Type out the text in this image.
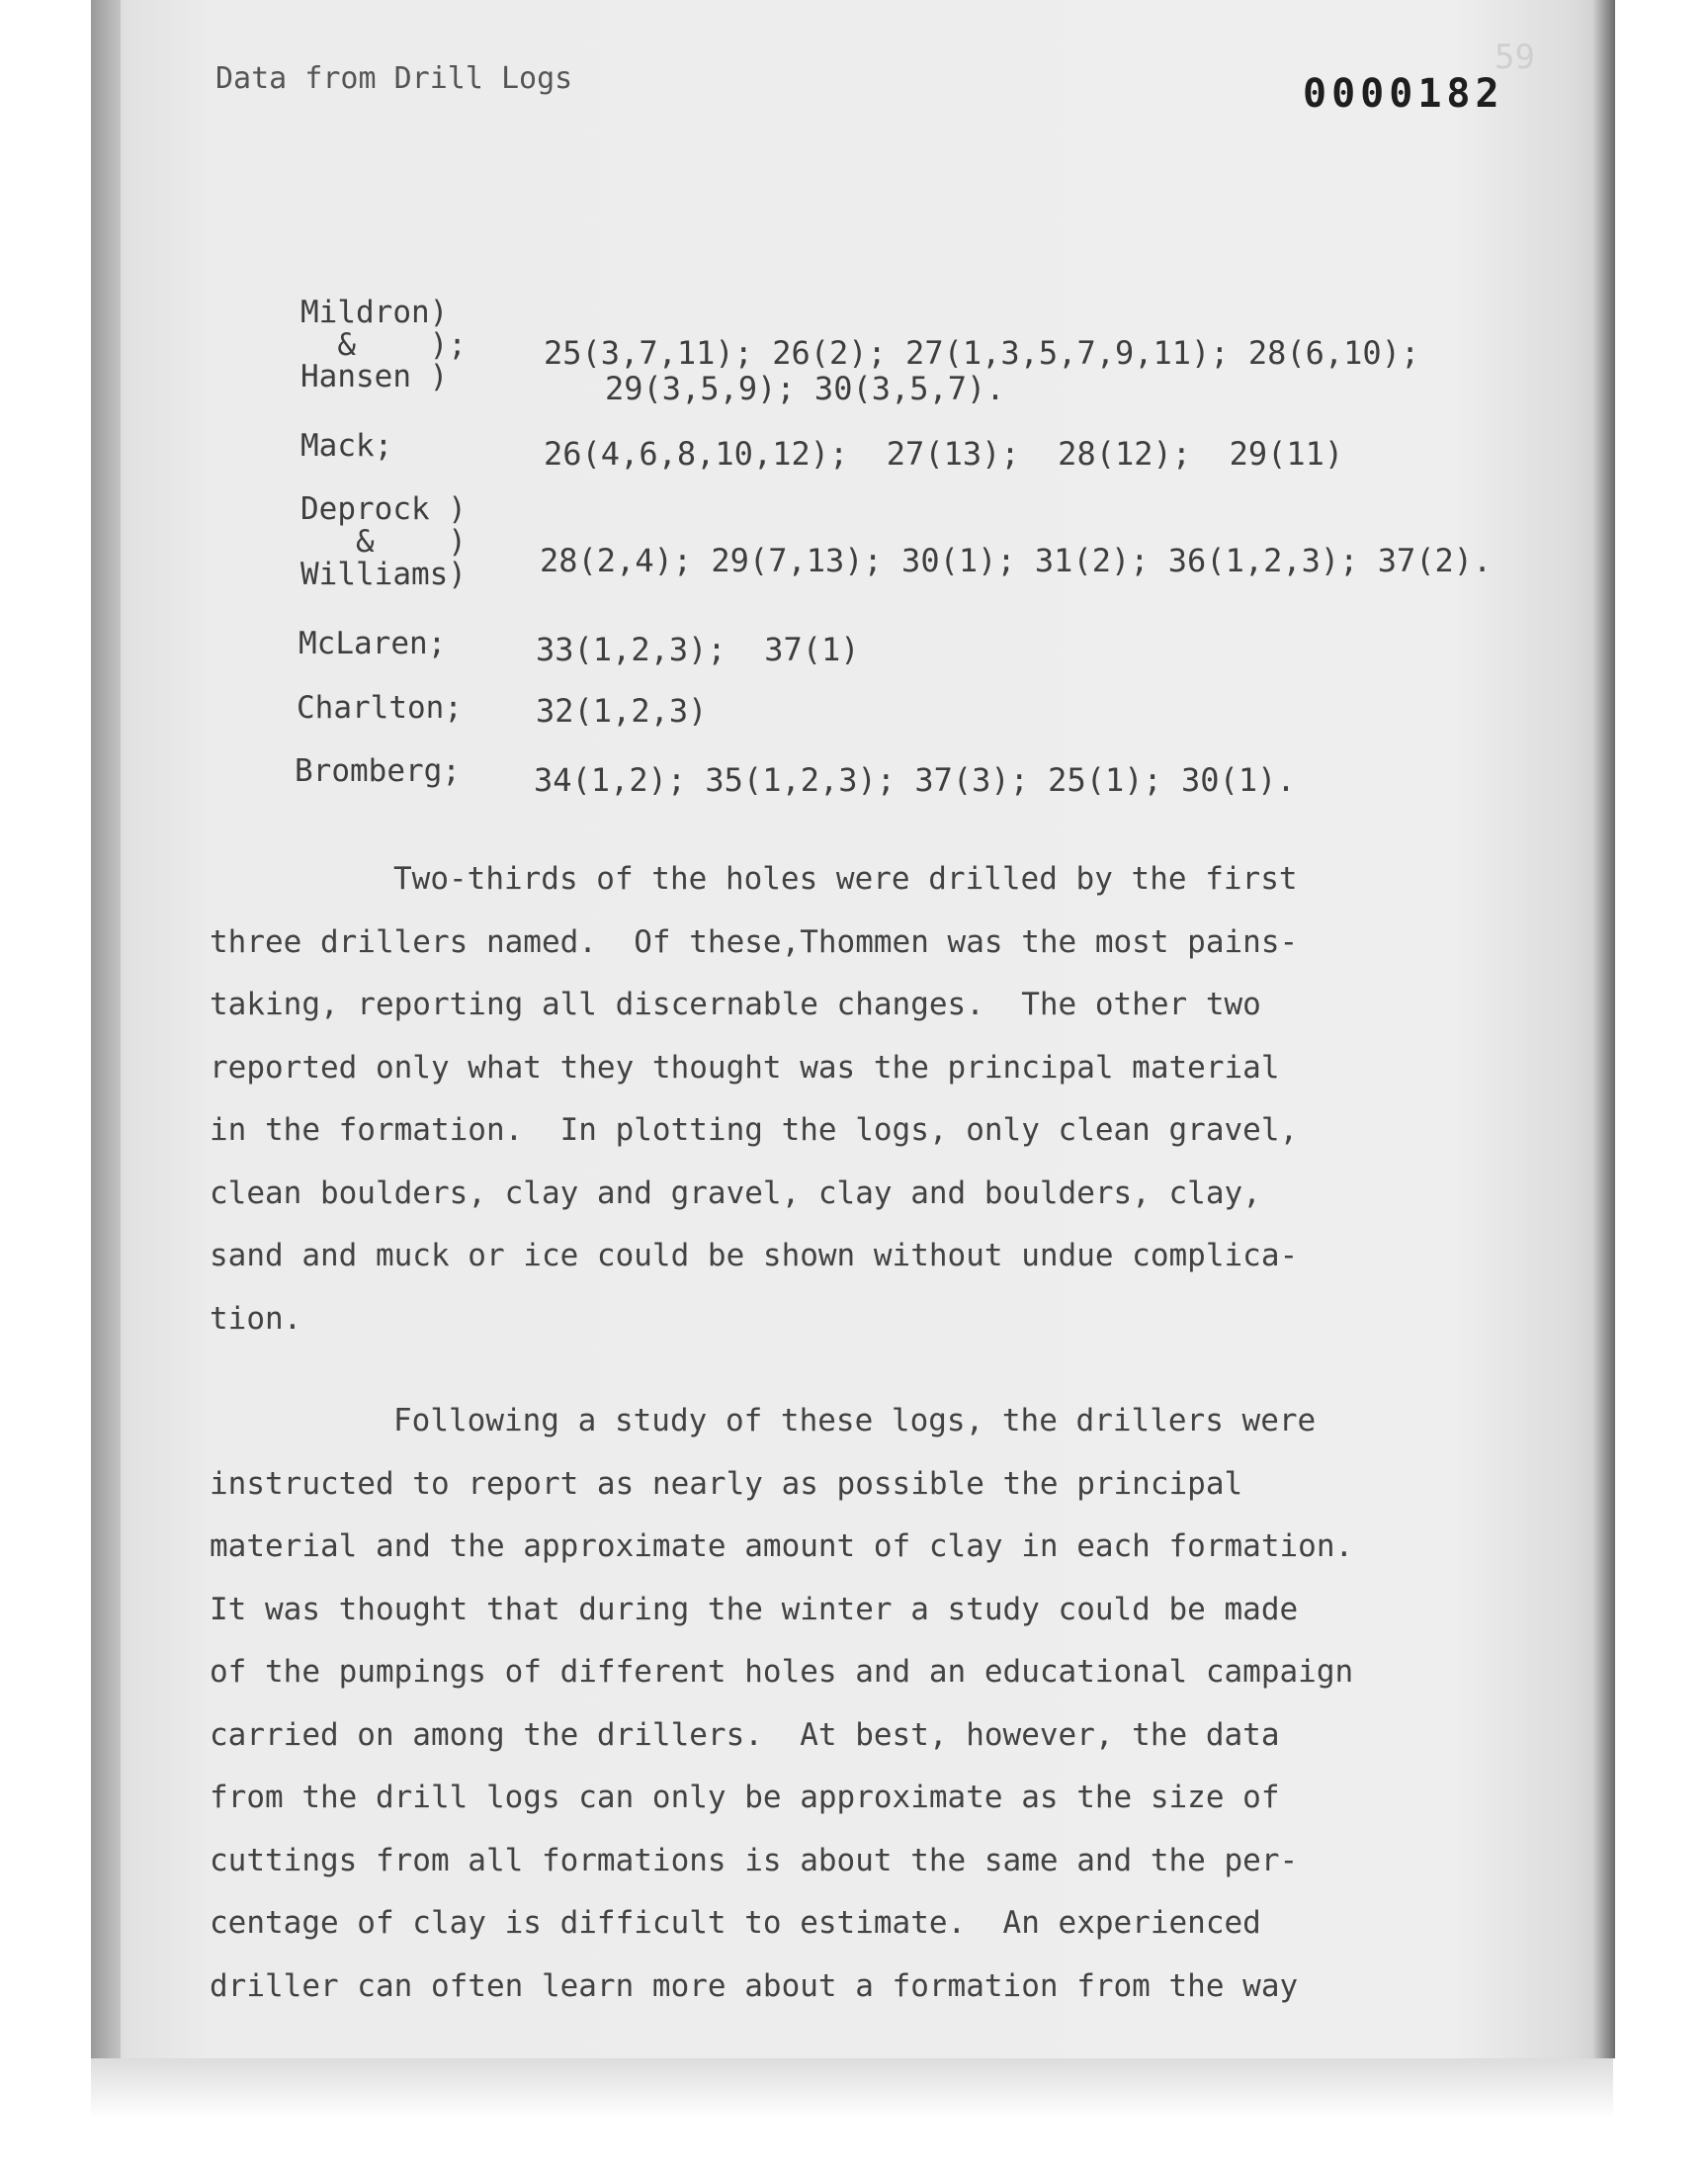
Data from Drill Logs
59
0000182
Mildron)
&    );
Hansen )
25(3,7,11); 26(2); 27(1,3,5,7,9,11); 28(6,10);
29(3,5,9); 30(3,5,7).
Mack;	26(4,6,8,10,12);  27(13);  28(12);  29(11)
Deprock )
&    )
Williams) 28(2,4); 29(7,13); 30(1); 31(2); 36(1,2,3); 37(2).
McLaren;	33(1,2,3);  37(1)
Charlton; 32(1,2,3)
Bromberg; 34(1,2); 35(1,2,3); 37(3); 25(1); 30(1).
Two-thirds of the holes were drilled by the first
three drillers named.  Of these,Thommen was the most pains-
taking, reporting all discernable changes.  The other two
reported only what they thought was the principal material
in the formation.  In plotting the logs, only clean gravel,
clean boulders, clay and gravel, clay and boulders, clay,
sand and muck or ice could be shown without undue complica-
tion.
Following a study of these logs, the drillers were
instructed to report as nearly as possible the principal
material and the approximate amount of clay in each formation.
It was thought that during the winter a study could be made
of the pumpings of different holes and an educational campaign
carried on among the drillers.  At best, however, the data
from the drill logs can only be approximate as the size of
cuttings from all formations is about the same and the per-
centage of clay is difficult to estimate.  An experienced
driller can often learn more about a formation from the way
